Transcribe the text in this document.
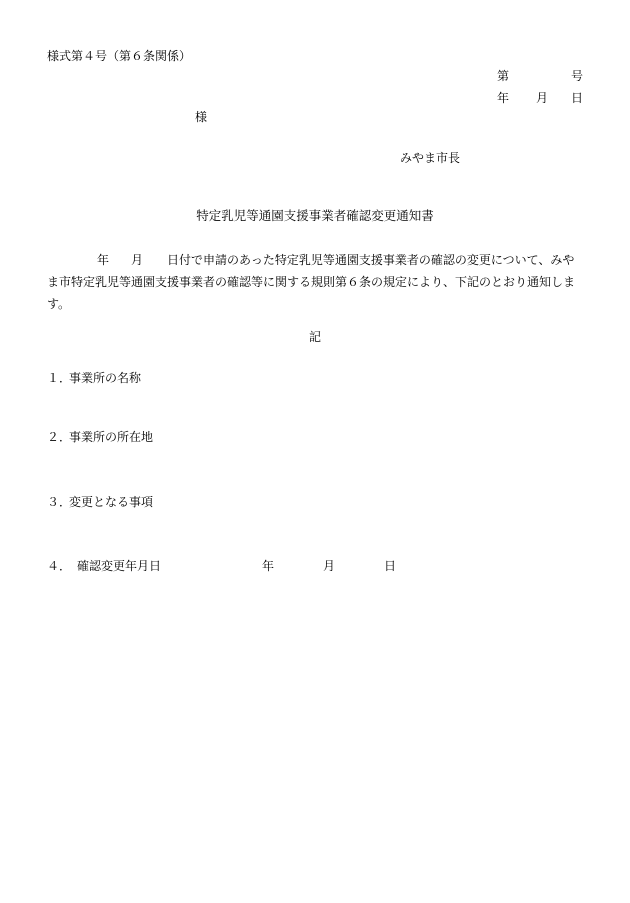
様式第４号（第６条関係）
第	号
年 月 日
様
みやま市長
特定乳児等通園支援事業者確認変更通知書
年 月 日付で申請のあった特定乳児等通園支援事業者の確認の変更について、みや
ま市特定乳児等通園支援事業者の確認等に関する規則第６条の規定により、下記のとおり通知しま
す。
記
１．事業所の名称
２．事業所の所在地
３．変更となる事項
４． 確認変更年月日	年	月	日
